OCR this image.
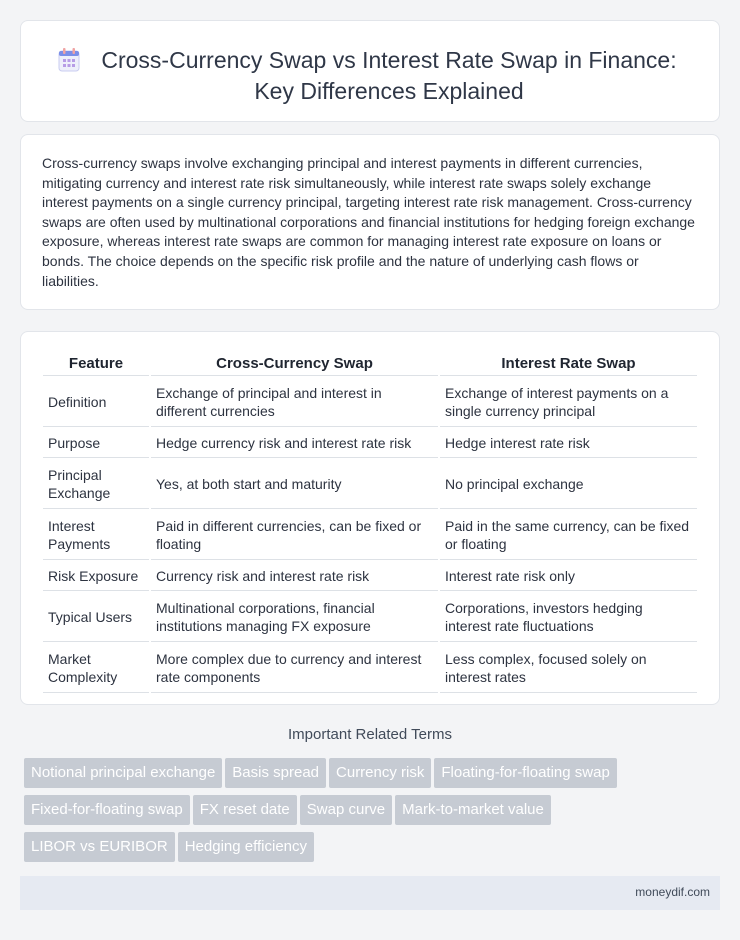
Cross-Currency Swap vs Interest Rate Swap in Finance: Key Differences Explained

Cross-currency swaps involve exchanging principal and interest payments in different currencies, mitigating currency and interest rate risk simultaneously, while interest rate swaps solely exchange interest payments on a single currency principal, targeting interest rate risk management. Cross-currency swaps are often used by multinational corporations and financial institutions for hedging foreign exchange exposure, whereas interest rate swaps are common for managing interest rate exposure on loans or bonds. The choice depends on the specific risk profile and the nature of underlying cash flows or liabilities.

Feature	Cross-Currency Swap	Interest Rate Swap
Definition	Exchange of principal and interest in different currencies	Exchange of interest payments on a single currency principal
Purpose	Hedge currency risk and interest rate risk	Hedge interest rate risk
Principal Exchange	Yes, at both start and maturity	No principal exchange
Interest Payments	Paid in different currencies, can be fixed or floating	Paid in the same currency, can be fixed or floating
Risk Exposure	Currency risk and interest rate risk	Interest rate risk only
Typical Users	Multinational corporations, financial institutions managing FX exposure	Corporations, investors hedging interest rate fluctuations
Market Complexity	More complex due to currency and interest rate components	Less complex, focused solely on interest rates
Important Related Terms
Notional principal exchange Basis spread Currency risk Floating-for-floating swapFixed-for-floating swap FX reset date Swap curve Mark-to-market valueLIBOR vs EURIBOR Hedging efficiency
moneydif.com
